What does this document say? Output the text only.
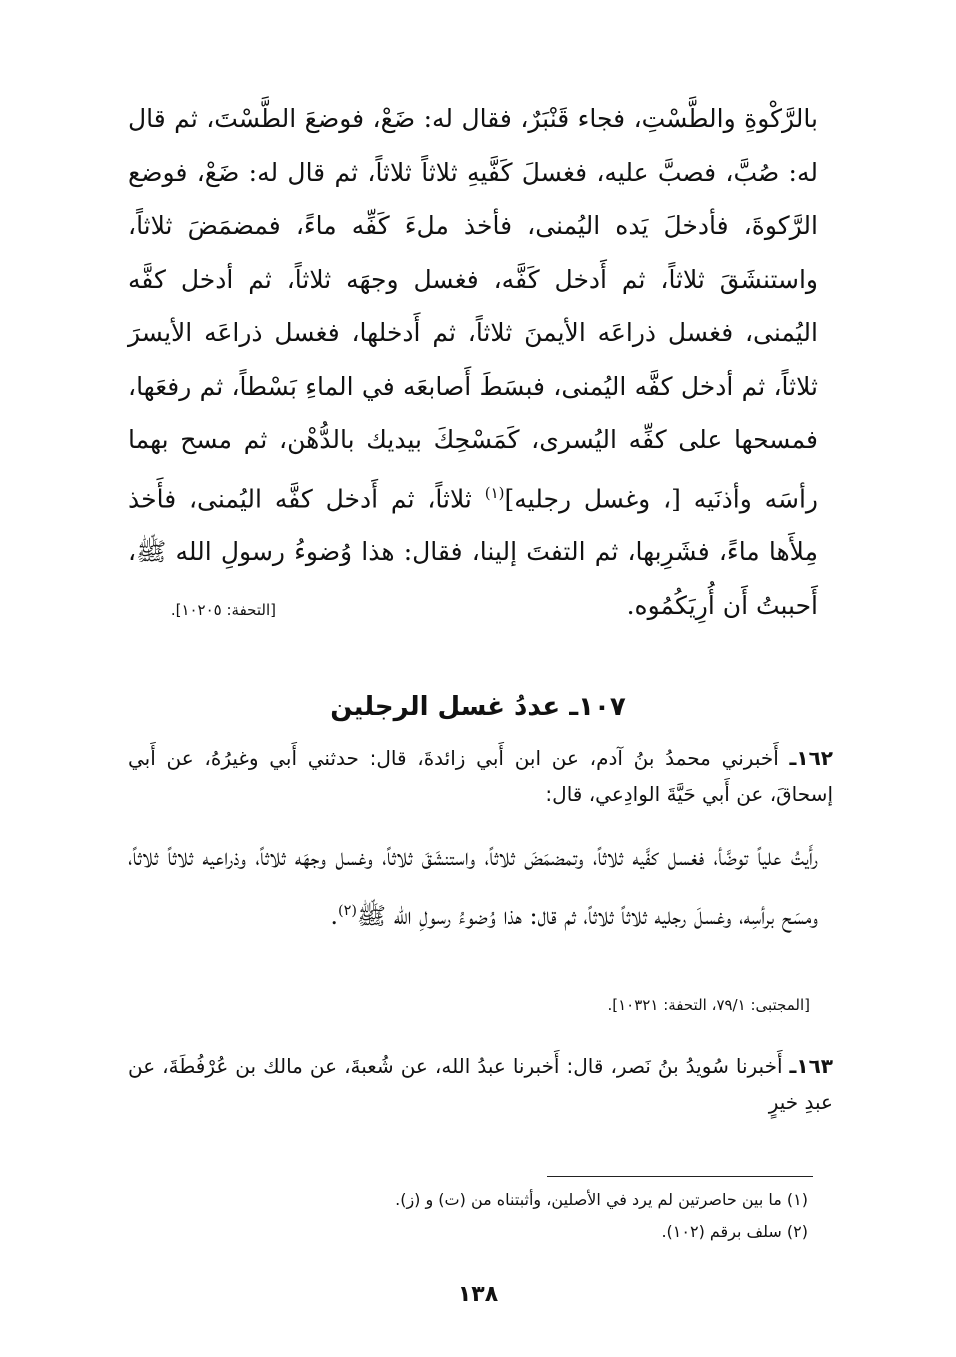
بالرَّكْوةِ والطَّسْتِ، فجاء قَنْبَرٌ، فقال له: ضَعْ، فوضعَ الطَّسْتَ، ثم قال له: صُبَّ، فصبَّ عليه، فغسلَ كَفَّيهِ ثلاثاً ثلاثاً، ثم قال له: ضَعْ، فوضع الرَّكوةَ، فأدخلَ يَده اليُمنى، فأخذ ملءَ كَفِّه ماءً، فمضمَضَ ثلاثاً، واستنشَقَ ثلاثاً، ثم أَدخل كَفَّه، فغسل وجهَه ثلاثاً، ثم أدخل كفَّه اليُمنى، فغسل ذراعَه الأيمنَ ثلاثاً، ثم أَدخلها، فغسل ذراعَه الأيسرَ ثلاثاً، ثم أدخل كفَّه اليُمنى، فبسَطَ أَصابعَه في الماءِ بَسْطاً، ثم رفعَها، فمسحها على كفِّه اليُسرى، كَمَسْحِكَ بيديك بالدُّهْن، ثم مسح بهما رأسَه وأذنَيه [، وغسل رجليه]$^{(١)}$ ثلاثاً، ثم أَدخل كفَّه اليُمنى، فأَخذ مِلأَها ماءً، فشَرِبها، ثم التفتَ إلينا، فقال: هذا وُضوءُ رسولِ الله ﷺ، أَحببتُ أَن أُرِيَكُمُوه.

[التحفة: ١٠٢٠٥].
١٠٧ـ عددُ غسل الرجلين

١٦٢ـ أَخبرني محمدُ بنُ آدم، عن ابن أَبي زائدةَ، قال: حدثني أَبي وغيرُهُ، عن أَبي إسحاقَ، عن أَبي حَيَّةَ الوادِعي، قال:

رأَيتُ علياً توضَّأ، فغسل كفَّيه ثلاثاً، وتمضمَضَ ثلاثاً، واستنشَقَ ثلاثاً، وغسل وجهَه ثلاثاً، وذراعيه ثلاثاً ثلاثاً، ومسَح برأسِه، وغسلَ رجليه ثلاثاً ثلاثاً، ثم قال: هذا وُضوءُ رسولِ الله ﷺ$^{(٢)}$.

[المجتبى: ٧٩/١، التحفة: ١٠٣٢١].

١٦٣ـ أَخبرنا سُويدُ بنُ نَصر، قال: أَخبرنا عبدُ الله، عن شُعبةَ، عن مالك بن عُرْفُطَةَ، عن عبدِ خيرٍ

(١) ما بين حاصرتين لم يرد في الأصلين، وأثبتناه من (ت) و (ز).
(٢) سلف برقم (١٠٢).
١٣٨
